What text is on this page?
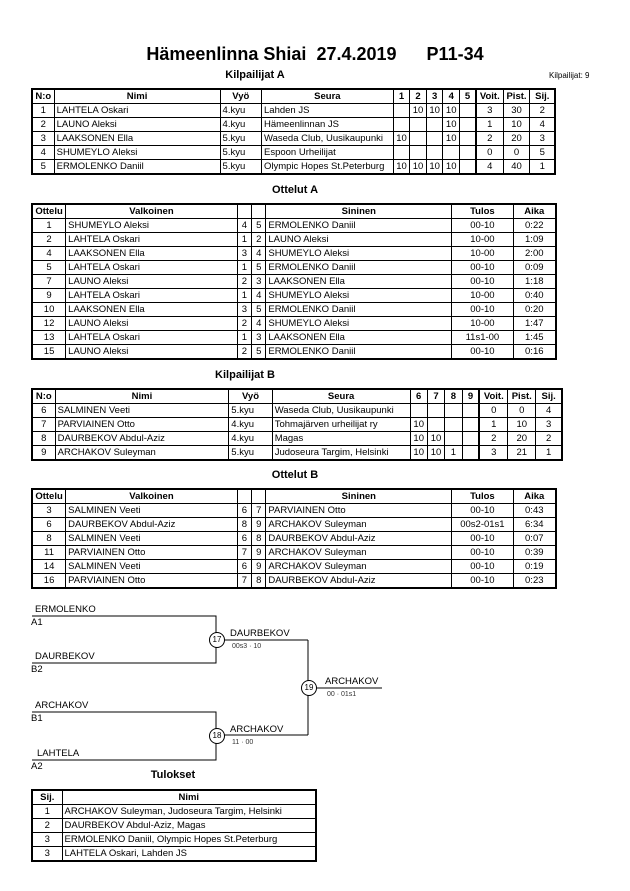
Hämeenlinna Shiai 27.4.2019 P11-34
Kilpailijat: 9
Kilpailijat A
N:o	Nimi	Vyö	Seura	1	2	3	4	5	Voit.	Pist.	Sij.
1	LAHTELA Oskari	4.kyu	Lahden JS		10	10	10		3	30	2
2	LAUNO Aleksi	4.kyu	Hämeenlinnan JS				10		1	10	4
3	LAAKSONEN Ella	5.kyu	Waseda Club, Uusikaupunki	10			10		2	20	3
4	SHUMEYLO Aleksi	5.kyu	Espoon Urheilijat						0	0	5
5	ERMOLENKO Daniil	5.kyu	Olympic Hopes St.Peterburg	10	10	10	10		4	40	1
Ottelut A
Ottelu	Valkoinen			Sininen	Tulos	Aika
1	SHUMEYLO Aleksi	4	5	ERMOLENKO Daniil	00-10	0:22
2	LAHTELA Oskari	1	2	LAUNO Aleksi	10-00	1:09
4	LAAKSONEN Ella	3	4	SHUMEYLO Aleksi	10-00	2:00
5	LAHTELA Oskari	1	5	ERMOLENKO Daniil	00-10	0:09
7	LAUNO Aleksi	2	3	LAAKSONEN Ella	00-10	1:18
9	LAHTELA Oskari	1	4	SHUMEYLO Aleksi	10-00	0:40
10	LAAKSONEN Ella	3	5	ERMOLENKO Daniil	00-10	0:20
12	LAUNO Aleksi	2	4	SHUMEYLO Aleksi	10-00	1:47
13	LAHTELA Oskari	1	3	LAAKSONEN Ella	11s1-00	1:45
15	LAUNO Aleksi	2	5	ERMOLENKO Daniil	00-10	0:16
Kilpailijat B
N:o	Nimi	Vyö	Seura	6	7	8	9	Voit.	Pist.	Sij.
6	SALMINEN Veeti	5.kyu	Waseda Club, Uusikaupunki					0	0	4
7	PARVIAINEN Otto	4.kyu	Tohmajärven urheilijat ry	10				1	10	3
8	DAURBEKOV Abdul-Aziz	4.kyu	Magas	10	10			2	20	2
9	ARCHAKOV Suleyman	5.kyu	Judoseura Targim, Helsinki	10	10	1		3	21	1
Ottelut B
Ottelu	Valkoinen			Sininen	Tulos	Aika
3	SALMINEN Veeti	6	7	PARVIAINEN Otto	00-10	0:43
6	DAURBEKOV Abdul-Aziz	8	9	ARCHAKOV Suleyman	00s2-01s1	6:34
8	SALMINEN Veeti	6	8	DAURBEKOV Abdul-Aziz	00-10	0:07
11	PARVIAINEN Otto	7	9	ARCHAKOV Suleyman	00-10	0:39
14	SALMINEN Veeti	6	9	ARCHAKOV Suleyman	00-10	0:19
16	PARVIAINEN Otto	7	8	DAURBEKOV Abdul-Aziz	00-10	0:23
ERMOLENKO
A1
DAURBEKOV
B2
ARCHAKOV
B1
LAHTELA
A2
17
DAURBEKOV
00s3 · 10
18
ARCHAKOV
11 · 00
19
ARCHAKOV
00 · 01s1
Tulokset
Sij.	Nimi
1	ARCHAKOV Suleyman, Judoseura Targim, Helsinki
2	DAURBEKOV Abdul-Aziz, Magas
3	ERMOLENKO Daniil, Olympic Hopes St.Peterburg
3	LAHTELA Oskari, Lahden JS
